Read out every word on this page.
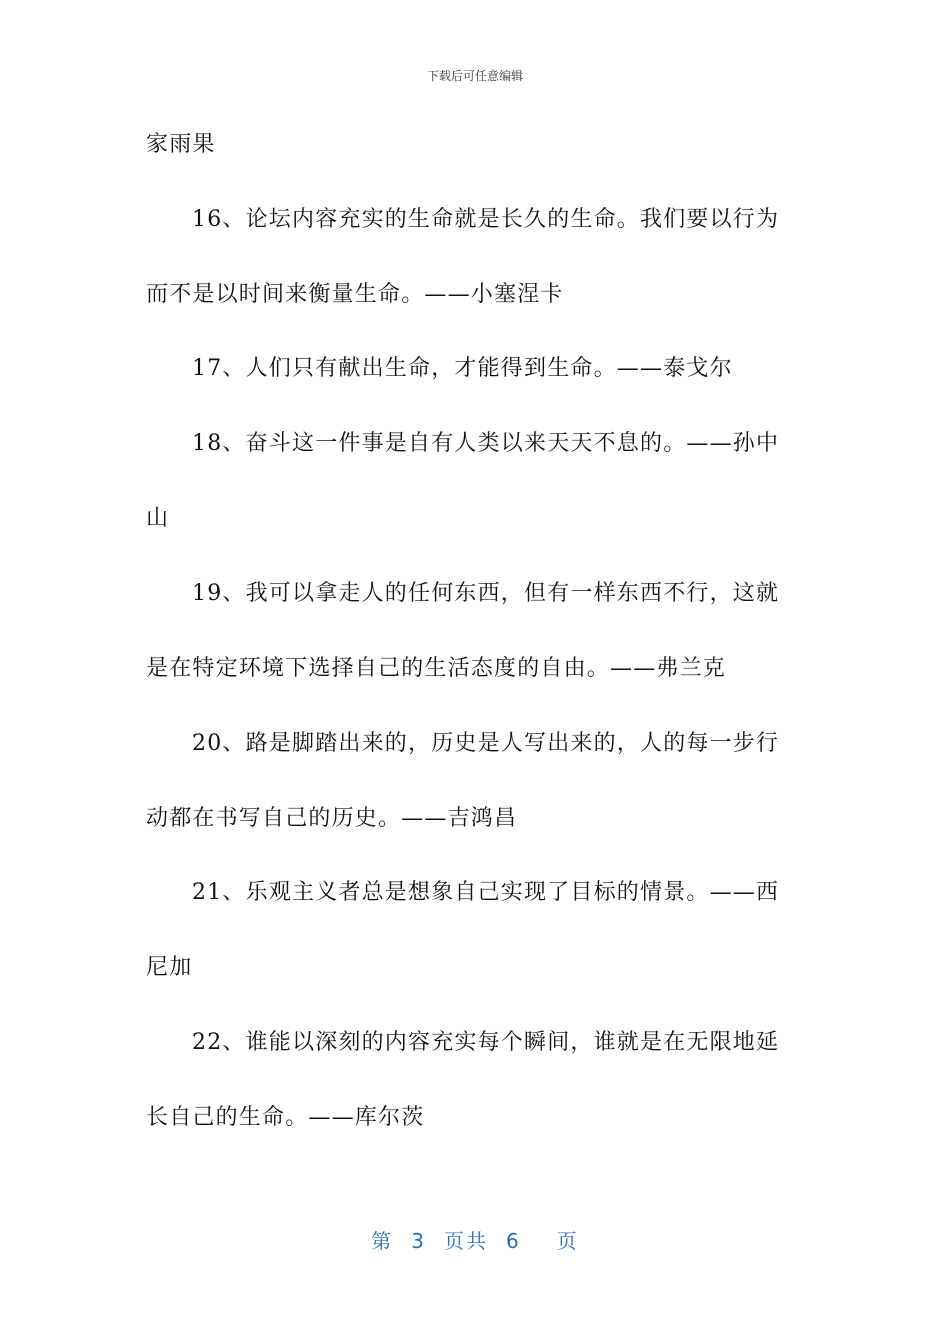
下载后可任意编辑
家雨果
16、论坛内容充实的生命就是长久的生命。我们要以行为
而不是以时间来衡量生命。——小塞涅卡
17、人们只有献出生命，才能得到生命。——泰戈尔
18、奋斗这一件事是自有人类以来天天不息的。——孙中
山
19、我可以拿走人的任何东西，但有一样东西不行，这就
是在特定环境下选择自己的生活态度的自由。——弗兰克
20、路是脚踏出来的，历史是人写出来的，人的每一步行
动都在书写自己的历史。——吉鸿昌
21、乐观主义者总是想象自己实现了目标的情景。——西
尼加
22、谁能以深刻的内容充实每个瞬间，谁就是在无限地延
长自己的生命。——库尔茨
第 3 页共 6 页
